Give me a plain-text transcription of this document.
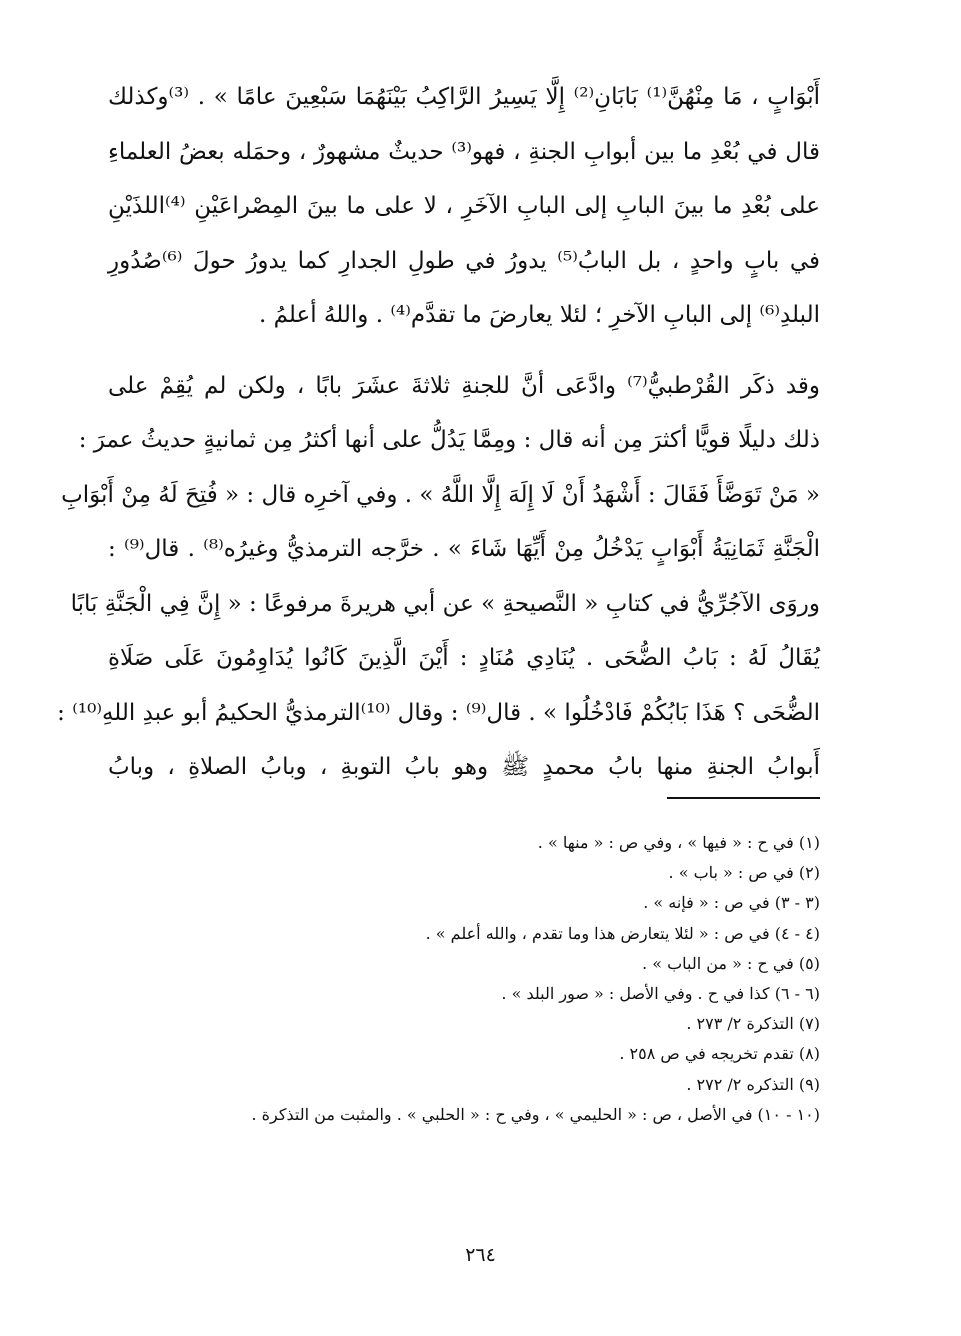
أَبْوَابٍ ، مَا مِنْهُنَّ⁽¹⁾ بَابَانِ⁽²⁾ إِلَّا يَسِيرُ الرَّاكِبُ بَيْنَهُمَا سَبْعِينَ عامًا » . ⁽³⁾وكذلك
قال في بُعْدِ ما بين أبوابِ الجنةِ ، فهو⁽³⁾ حديثٌ مشهورٌ ، وحمَله بعضُ العلماءِ
على بُعْدِ ما بينَ البابِ إلى البابِ الآخَرِ ، لا على ما بينَ المِصْراعَيْنِ ⁽⁴⁾اللذَيْنِ
في بابٍ واحدٍ ، بل البابُ⁽⁵⁾ يدورُ في طولِ الجدارِ كما يدورُ حولَ ⁽⁶⁾صُدُورِ
البلدِ⁽⁶⁾ إلى البابِ الآخرِ ؛ لئلا يعارضَ ما تقدَّم⁽⁴⁾ . واللهُ أعلمُ .
وقد ذكَر القُرْطبيُّ⁽⁷⁾ وادَّعَى أنَّ للجنةِ ثلاثةَ عشَرَ بابًا ، ولكن لم يُقِمْ على
ذلك دليلًا قويًّا أكثرَ مِن أنه قال : ومِمَّا يَدُلُّ على أنها أكثرُ مِن ثمانيةٍ حديثُ عمرَ :
« مَنْ تَوَضَّأَ فَقَالَ : أَشْهَدُ أَنْ لَا إِلَهَ إِلَّا اللَّهُ » . وفي آخرِه قال : « فُتِحَ لَهُ مِنْ أَبْوَابِ
الْجَنَّةِ ثَمَانِيَةُ أَبْوَابٍ يَدْخُلُ مِنْ أَيِّهَا شَاءَ » . خرَّجه الترمذيُّ وغيرُه⁽⁸⁾ . قال⁽⁹⁾ :
وروَى الآجُرِّيُّ في كتابِ « النَّصيحةِ » عن أبي هريرةَ مرفوعًا : « إِنَّ فِي الْجَنَّةِ بَابًا
يُقَالُ لَهُ : بَابُ الضُّحَى . يُنَادِي مُنَادٍ : أَيْنَ الَّذِينَ كَانُوا يُدَاوِمُونَ عَلَى صَلَاةِ
الضُّحَى ؟ هَذَا بَابُكُمْ فَادْخُلُوا » . قال⁽⁹⁾ : وقال ⁽¹⁰⁾الترمذيُّ الحكيمُ أبو عبدِ اللهِ⁽¹⁰⁾ :
أَبوابُ الجنةِ منها بابُ محمدٍ ﷺ وهو بابُ التوبةِ ، وبابُ الصلاةِ ، وبابُ
(١) في ح : « فيها » ، وفي ص : « منها » .
(٢) في ص : « باب » .
(٣ - ٣) في ص : « فإنه » .
(٤ - ٤) في ص : « لئلا يتعارض هذا وما تقدم ، والله أعلم » .
(٥) في ح : « من الباب » .
(٦ - ٦) كذا في ح . وفي الأصل : « صور البلد » .
(٧) التذكرة ٢/ ٢٧٣ .
(٨) تقدم تخريجه في ص ٢٥٨ .
(٩) التذكره ٢/ ٢٧٢ .
(١٠ - ١٠) في الأصل ، ص : « الحليمي » ، وفي ح : « الحلبي » . والمثبت من التذكرة .
٢٦٤
